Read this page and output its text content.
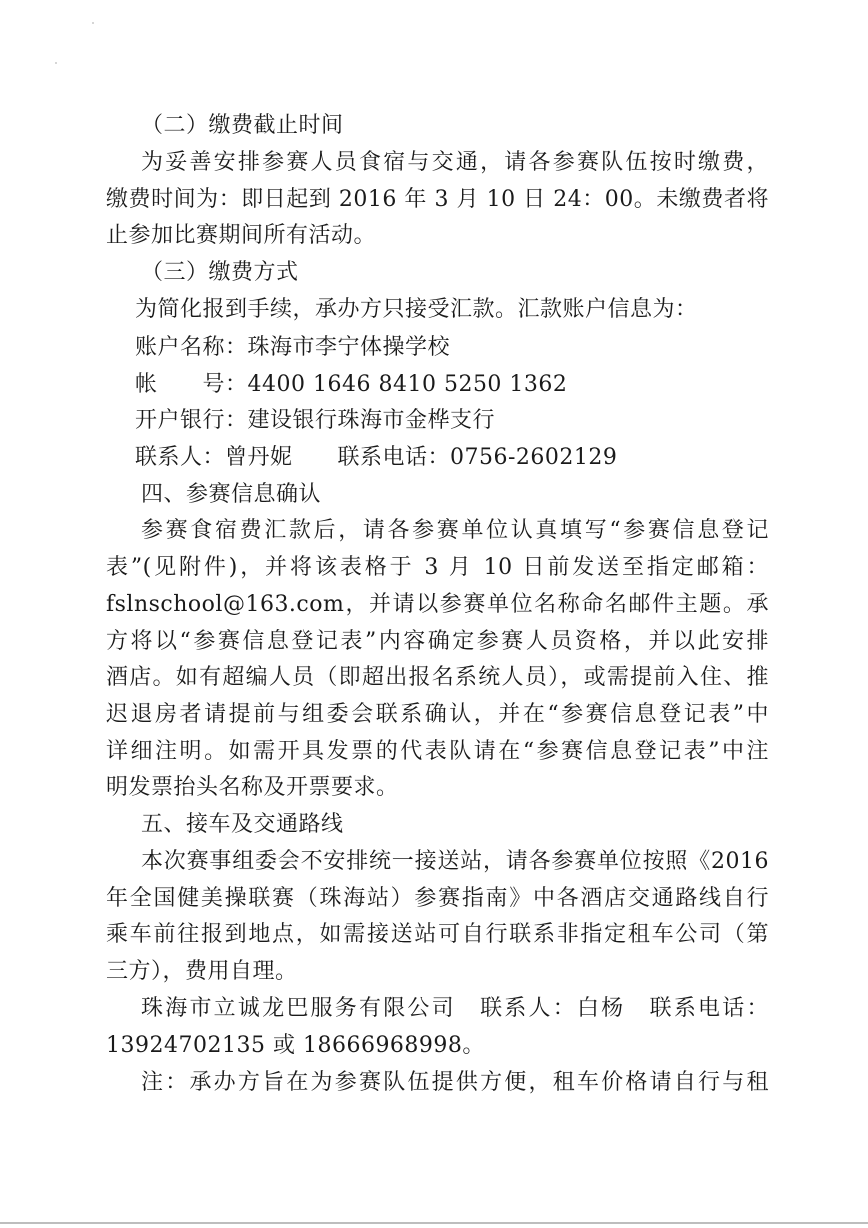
（二）缴费截止时间
为妥善安排参赛人员食宿与交通，请各参赛队伍按时缴费，
缴费时间为：即日起到 2016 年 3 月 10 日 24：00。未缴费者将
止参加比赛期间所有活动。
（三）缴费方式
为简化报到手续，承办方只接受汇款。汇款账户信息为：
账户名称：珠海市李宁体操学校
帐　　号：4400 1646 8410 5250 1362
开户银行：建设银行珠海市金桦支行
联系人：曾丹妮　　联系电话：0756-2602129
四、参赛信息确认
参赛食宿费汇款后，请各参赛单位认真填写“参赛信息登记
表”(见附件)，并将该表格于 3 月 10 日前发送至指定邮箱：
fslnschool@163.com，并请以参赛单位名称命名邮件主题。承
方将以“参赛信息登记表”内容确定参赛人员资格，并以此安排
酒店。如有超编人员（即超出报名系统人员），或需提前入住、推
迟退房者请提前与组委会联系确认，并在“参赛信息登记表”中
详细注明。如需开具发票的代表队请在“参赛信息登记表”中注
明发票抬头名称及开票要求。
五、接车及交通路线
本次赛事组委会不安排统一接送站，请各参赛单位按照《2016
年全国健美操联赛（珠海站）参赛指南》中各酒店交通路线自行
乘车前往报到地点，如需接送站可自行联系非指定租车公司（第
三方），费用自理。
珠海市立诚龙巴服务有限公司　联系人：白杨　联系电话：
13924702135 或 18666968998。
注：承办方旨在为参赛队伍提供方便，租车价格请自行与租
